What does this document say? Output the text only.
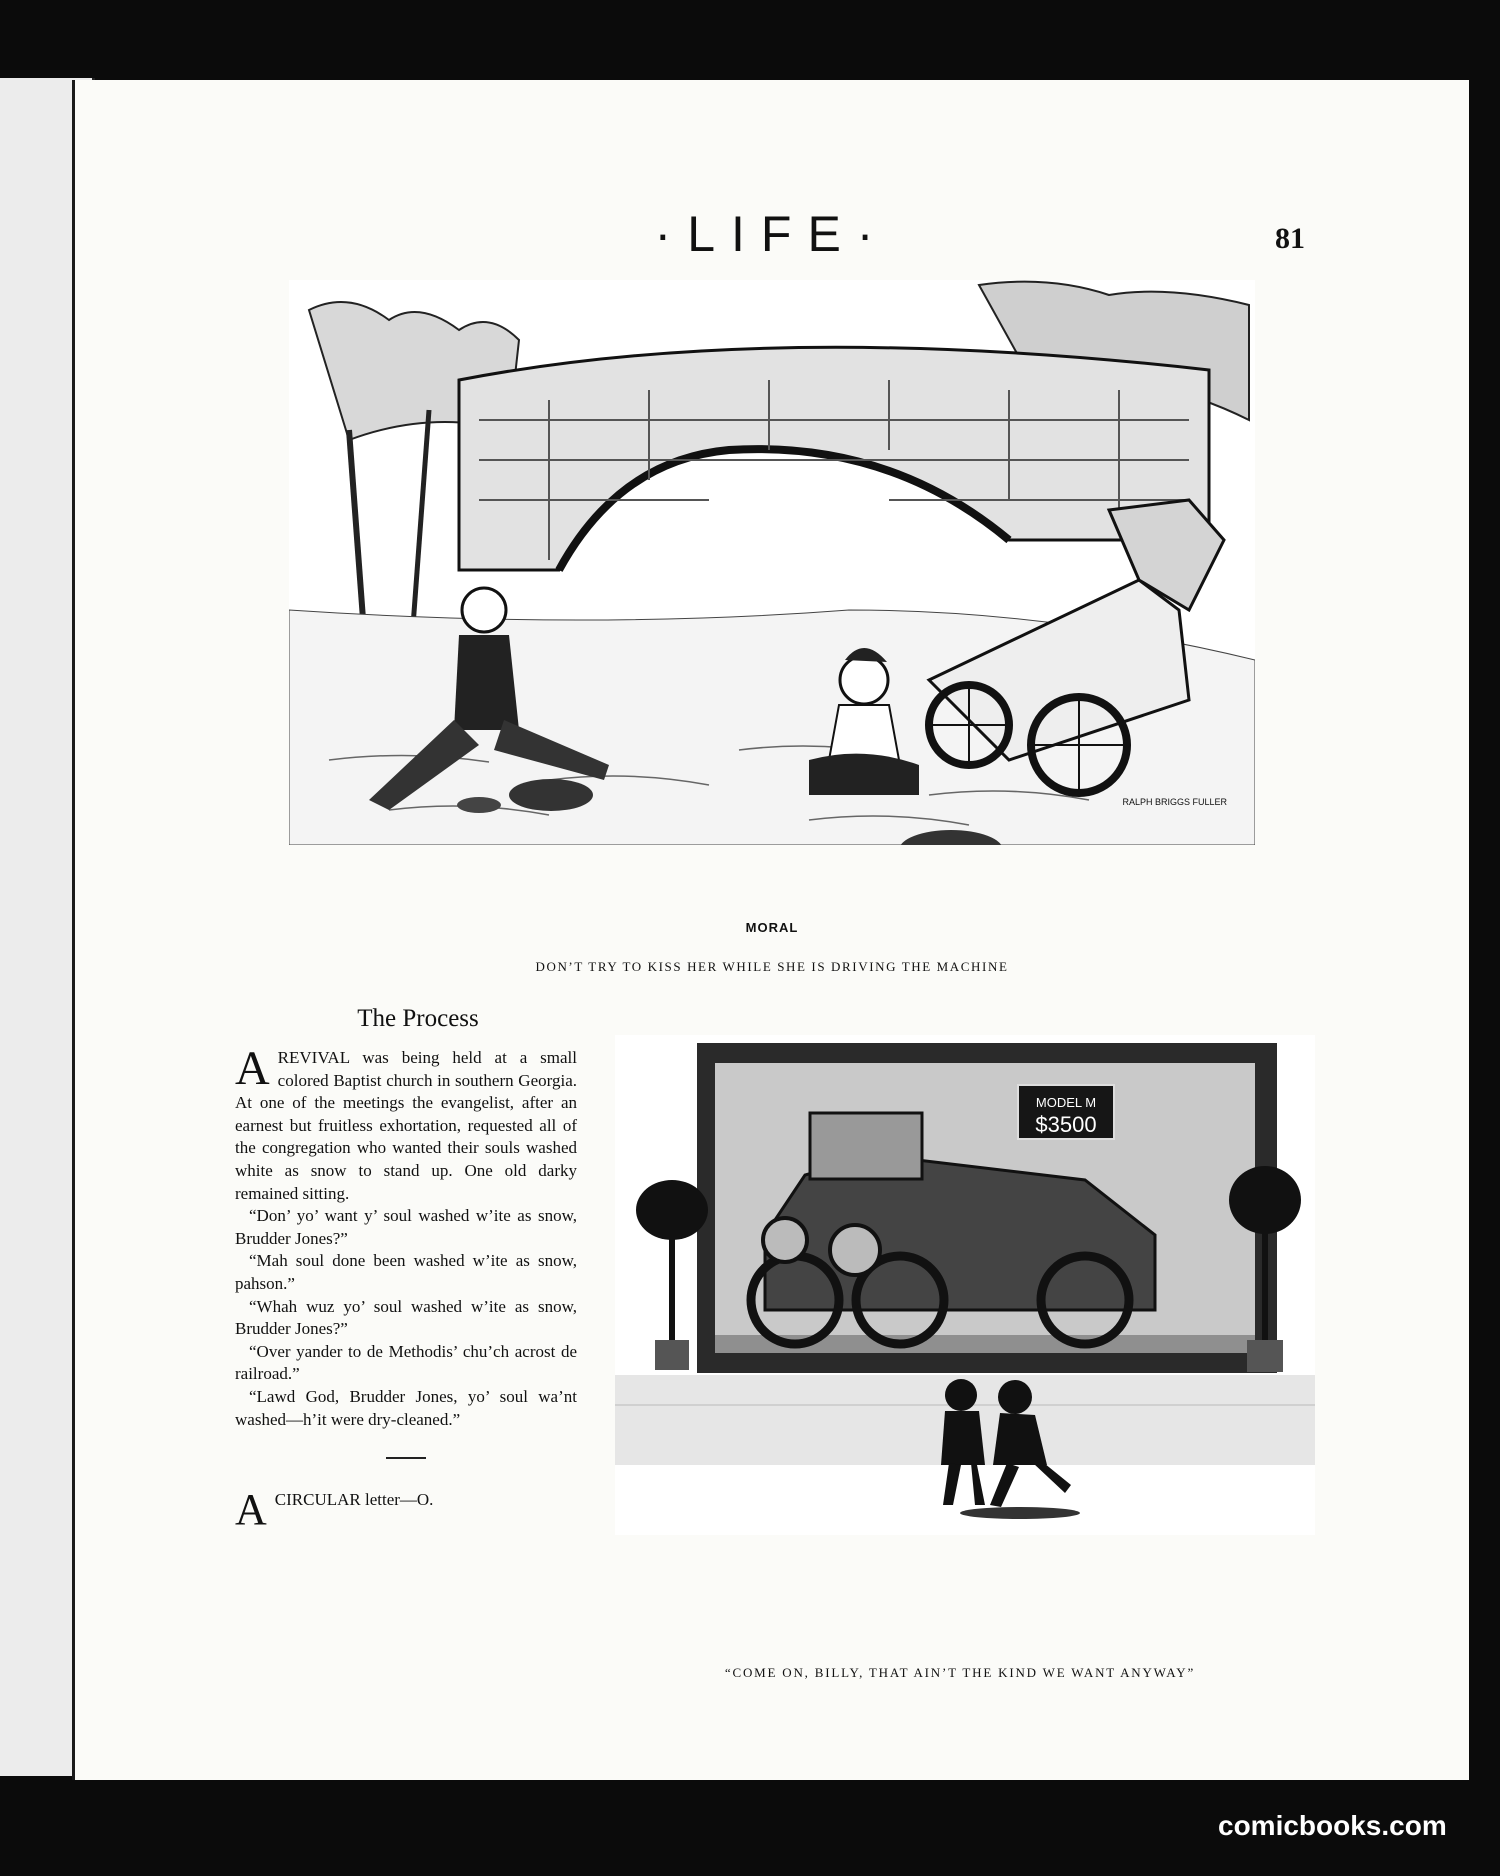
·LIFE·	81
RALPH BRIGGS FULLER
MORAL
DON’T TRY TO KISS HER WHILE SHE IS DRIVING THE MACHINE
The Process

AREVIVAL was being held at a small colored Baptist church in southern Georgia. At one of the meetings the evangelist, after an earnest but fruitless exhortation, requested all of the congregation who wanted their souls washed white as snow to stand up. One old darky remained sitting.

“Don’ yo’ want y’ soul washed w’ite as snow, Brudder Jones?”

“Mah soul done been washed w’ite as snow, pahson.”

“Whah wuz yo’ soul washed w’ite as snow, Brudder Jones?”

“Over yander to de Methodis’ chu’ch acrost de railroad.”

“Lawd God, Brudder Jones, yo’ soul wa’nt washed—h’it were dry-cleaned.”

ACIRCULAR letter—O.

MODEL M
$3500
“COME ON, BILLY, THAT AIN’T THE KIND WE WANT ANYWAY”
comicbooks.com
